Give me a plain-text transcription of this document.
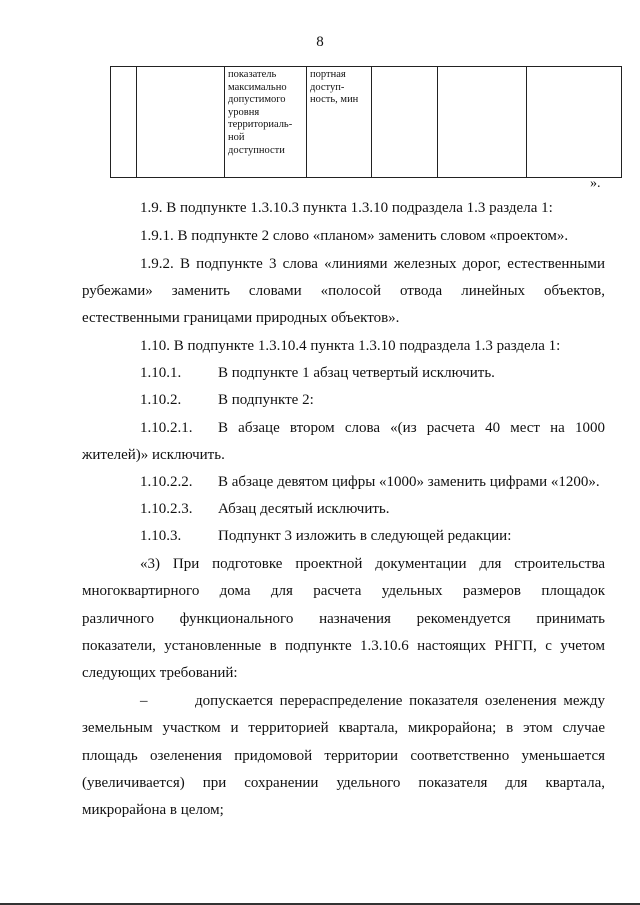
8
		показатель максимально допустимого уровня территориаль-ной доступности	портная доступ-ность, мин			
».
1.9. В подпункте 1.3.10.3 пункта 1.3.10 подраздела 1.3 раздела 1:
1.9.1. В подпункте 2 слово «планом» заменить словом «проектом».
1.9.2. В подпункте 3 слова «линиями железных дорог, естественными
рубежами» заменить словами «полосой отвода линейных объектов,
естественными границами природных объектов».
1.10. В подпункте 1.3.10.4 пункта 1.3.10 подраздела 1.3 раздела 1:
1.10.1. В подпункте 1 абзац четвертый исключить.
1.10.2. В подпункте 2:
1.10.2.1.	В абзаце втором слова «(из расчета 40 мест на 1000
жителей)» исключить.
1.10.2.2. В абзаце девятом цифры «1000» заменить цифрами «1200».
1.10.2.3. Абзац десятый исключить.
1.10.3. Подпункт 3 изложить в следующей редакции:
«3) При подготовке проектной документации для строительства
многоквартирного дома для расчета удельных размеров площадок
различного функционального назначения рекомендуется принимать
показатели, установленные в подпункте 1.3.10.6 настоящих РНГП, с учетом
следующих требований:
–	допускается перераспределение показателя озеленения между
земельным участком и территорией квартала, микрорайона; в этом случае
площадь озеленения придомовой территории соответственно уменьшается
(увеличивается) при сохранении удельного показателя для квартала,
микрорайона в целом;
